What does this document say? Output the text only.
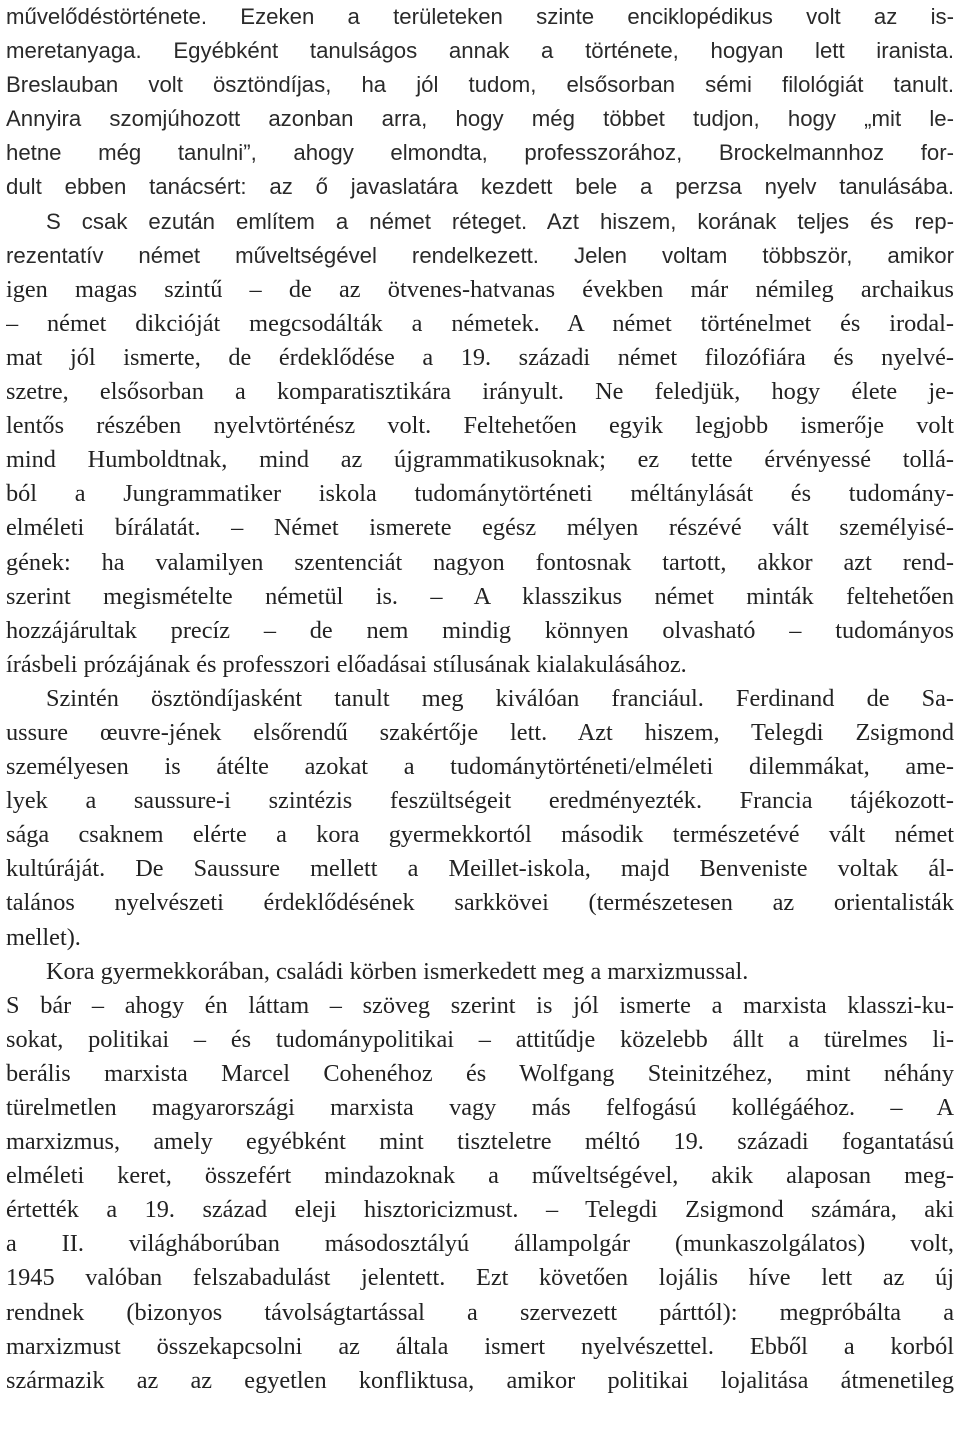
művelődéstörténete. Ezeken a területeken szinte enciklopédikus volt az is-
meretanyaga. Egyébként tanulságos annak a története, hogyan lett iranista.
Breslauban volt ösztöndíjas, ha jól tudom, elsősorban sémi filológiát tanult.
Annyira szomjúhozott azonban arra, hogy még többet tudjon, hogy „mit le-
hetne még tanulni”, ahogy elmondta, professzorához, Brockelmannhoz for-
dult ebben tanácsért: az ő javaslatára kezdett bele a perzsa nyelv tanulásába.
S csak ezután említem a német réteget. Azt hiszem, korának teljes és rep-
rezentatív német műveltségével rendelkezett. Jelen voltam többször, amikor
igen magas szintű – de az ötvenes-hatvanas években már némileg archaikus
– német dikcióját megcsodálták a németek. A német történelmet és irodal-
mat jól ismerte, de érdeklődése a 19. századi német filozófiára és nyelvé-
szetre, elsősorban a komparatisztikára irányult. Ne feledjük, hogy élete je-
lentős részében nyelvtörténész volt. Feltehetően egyik legjobb ismerője volt
mind Humboldtnak, mind az újgrammatikusoknak; ez tette érvényessé tollá-
ból a Jungrammatiker iskola tudománytörténeti méltánylását és tudomány-
elméleti bírálatát. – Német ismerete egész mélyen részévé vált személyisé-
gének: ha valamilyen szentenciát nagyon fontosnak tartott, akkor azt rend-
szerint megismételte németül is. – A klasszikus német minták feltehetően
hozzájárultak precíz – de nem mindig könnyen olvasható – tudományos
írásbeli prózájának és professzori előadásai stílusának kialakulásához.
Szintén ösztöndíjasként tanult meg kiválóan franciául. Ferdinand de Sa-
ussure œuvre-jének elsőrendű szakértője lett. Azt hiszem, Telegdi Zsigmond
személyesen is átélte azokat a tudománytörténeti/elméleti dilemmákat, ame-
lyek a saussure-i szintézis feszültségeit eredményezték. Francia tájékozott-
sága csaknem elérte a kora gyermekkortól második természetévé vált német
kultúráját. De Saussure mellett a Meillet-iskola, majd Benveniste voltak ál-
talános nyelvészeti érdeklődésének sarkkövei (természetesen az orientalisták
mellet).
Kora gyermekkorában, családi körben ismerkedett meg a marxizmussal.
S bár – ahogy én láttam – szöveg szerint is jól ismerte a marxista klasszi-ku-
sokat, politikai – és tudománypolitikai – attitűdje közelebb állt a türelmes li-
berális marxista Marcel Cohenéhoz és Wolfgang Steinitzéhez, mint néhány
türelmetlen magyarországi marxista vagy más felfogású kollégáéhoz. – A
marxizmus, amely egyébként mint tiszteletre méltó 19. századi fogantatású
elméleti keret, összefért mindazoknak a műveltségével, akik alaposan meg-
értették a 19. század eleji hisztoricizmust. – Telegdi Zsigmond számára, aki
a II. világháborúban másodosztályú állampolgár (munkaszolgálatos) volt,
1945 valóban felszabadulást jelentett. Ezt követően lojális híve lett az új
rendnek (bizonyos távolságtartással a szervezett párttól): megpróbálta a
marxizmust összekapcsolni az általa ismert nyelvészettel. Ebből a korból
származik az az egyetlen konfliktusa, amikor politikai lojalitása átmenetileg
